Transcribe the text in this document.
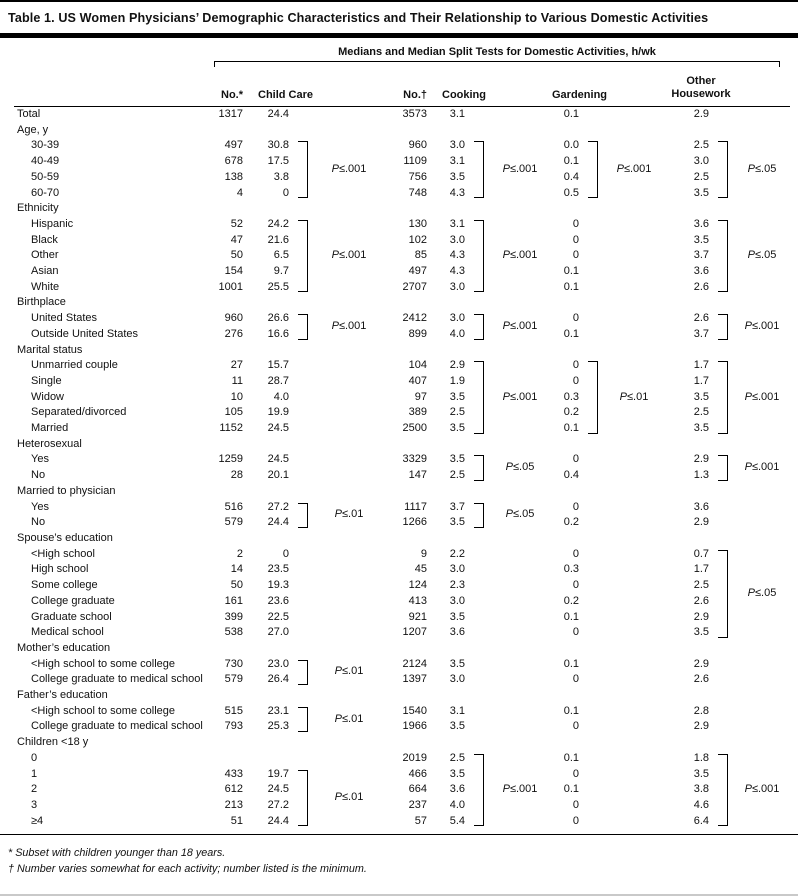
Table 1. US Women Physicians’ Demographic Characteristics and Their Relationship to Various Domestic Activities
Medians and Median Split Tests for Domestic Activities, h/wk
	No.*	Child Care			No.†	Cooking			Gardening			Other Housework		
Total	1317	24.4			3573	3.1			0.1			2.9		
Age, y														
30-39	497	30.8		P≤.001	960	3.0		P≤.001	0.0		P≤.001	2.5		P≤.05

40-49	678	17.5			1109	3.1			0.1			3.0		
50-59	138	3.8			756	3.5			0.4			2.5		
60-70	4	0			748	4.3			0.5			3.5		
Ethnicity														
Hispanic	52	24.2		P≤.001	130	3.1		P≤.001	0			3.6		P≤.05

Black	47	21.6			102	3.0			0			3.5		
Other	50	6.5			85	4.3			0			3.7		
Asian	154	9.7			497	4.3			0.1			3.6		
White	1001	25.5			2707	3.0			0.1			2.6		
Birthplace														
United States	960	26.6		P≤.001	2412	3.0		P≤.001	0			2.6		P≤.001

Outside United States	276	16.6			899	4.0			0.1			3.7		
Marital status														
Unmarried couple	27	15.7			104	2.9		P≤.001	0		P≤.01	1.7		P≤.001

Single	11	28.7			407	1.9			0			1.7		
Widow	10	4.0			97	3.5			0.3			3.5		
Separated/divorced	105	19.9			389	2.5			0.2			2.5		
Married	1152	24.5			2500	3.5			0.1			3.5		
Heterosexual														
Yes	1259	24.5			3329	3.5		P≤.05	0			2.9		P≤.001

No	28	20.1			147	2.5			0.4			1.3		
Married to physician														
Yes	516	27.2		P≤.01	1117	3.7		P≤.05	0			3.6		
No	579	24.4			1266	3.5			0.2			2.9		
Spouse’s education														
<High school	2	0			9	2.2			0			0.7		P≤.05

High school	14	23.5			45	3.0			0.3			1.7		
Some college	50	19.3			124	2.3			0			2.5		
College graduate	161	23.6			413	3.0			0.2			2.6		
Graduate school	399	22.5			921	3.5			0.1			2.9		
Medical school	538	27.0			1207	3.6			0			3.5		
Mother’s education														
<High school to some college	730	23.0		P≤.01	2124	3.5			0.1			2.9		
College graduate to medical school	579	26.4			1397	3.0			0			2.6		
Father’s education														
<High school to some college	515	23.1		P≤.01	1540	3.1			0.1			2.8		
College graduate to medical school	793	25.3			1966	3.5			0			2.9		
Children <18 y														
0					2019	2.5		P≤.001	0.1			1.8		P≤.001

1	433	19.7		P≤.01	466	3.5			0			3.5		
2	612	24.5			664	3.6			0.1			3.8		
3	213	27.2			237	4.0			0			4.6		
≥4	51	24.4			57	5.4			0			6.4		
* Subset with children younger than 18 years.
† Number varies somewhat for each activity; number listed is the minimum.
